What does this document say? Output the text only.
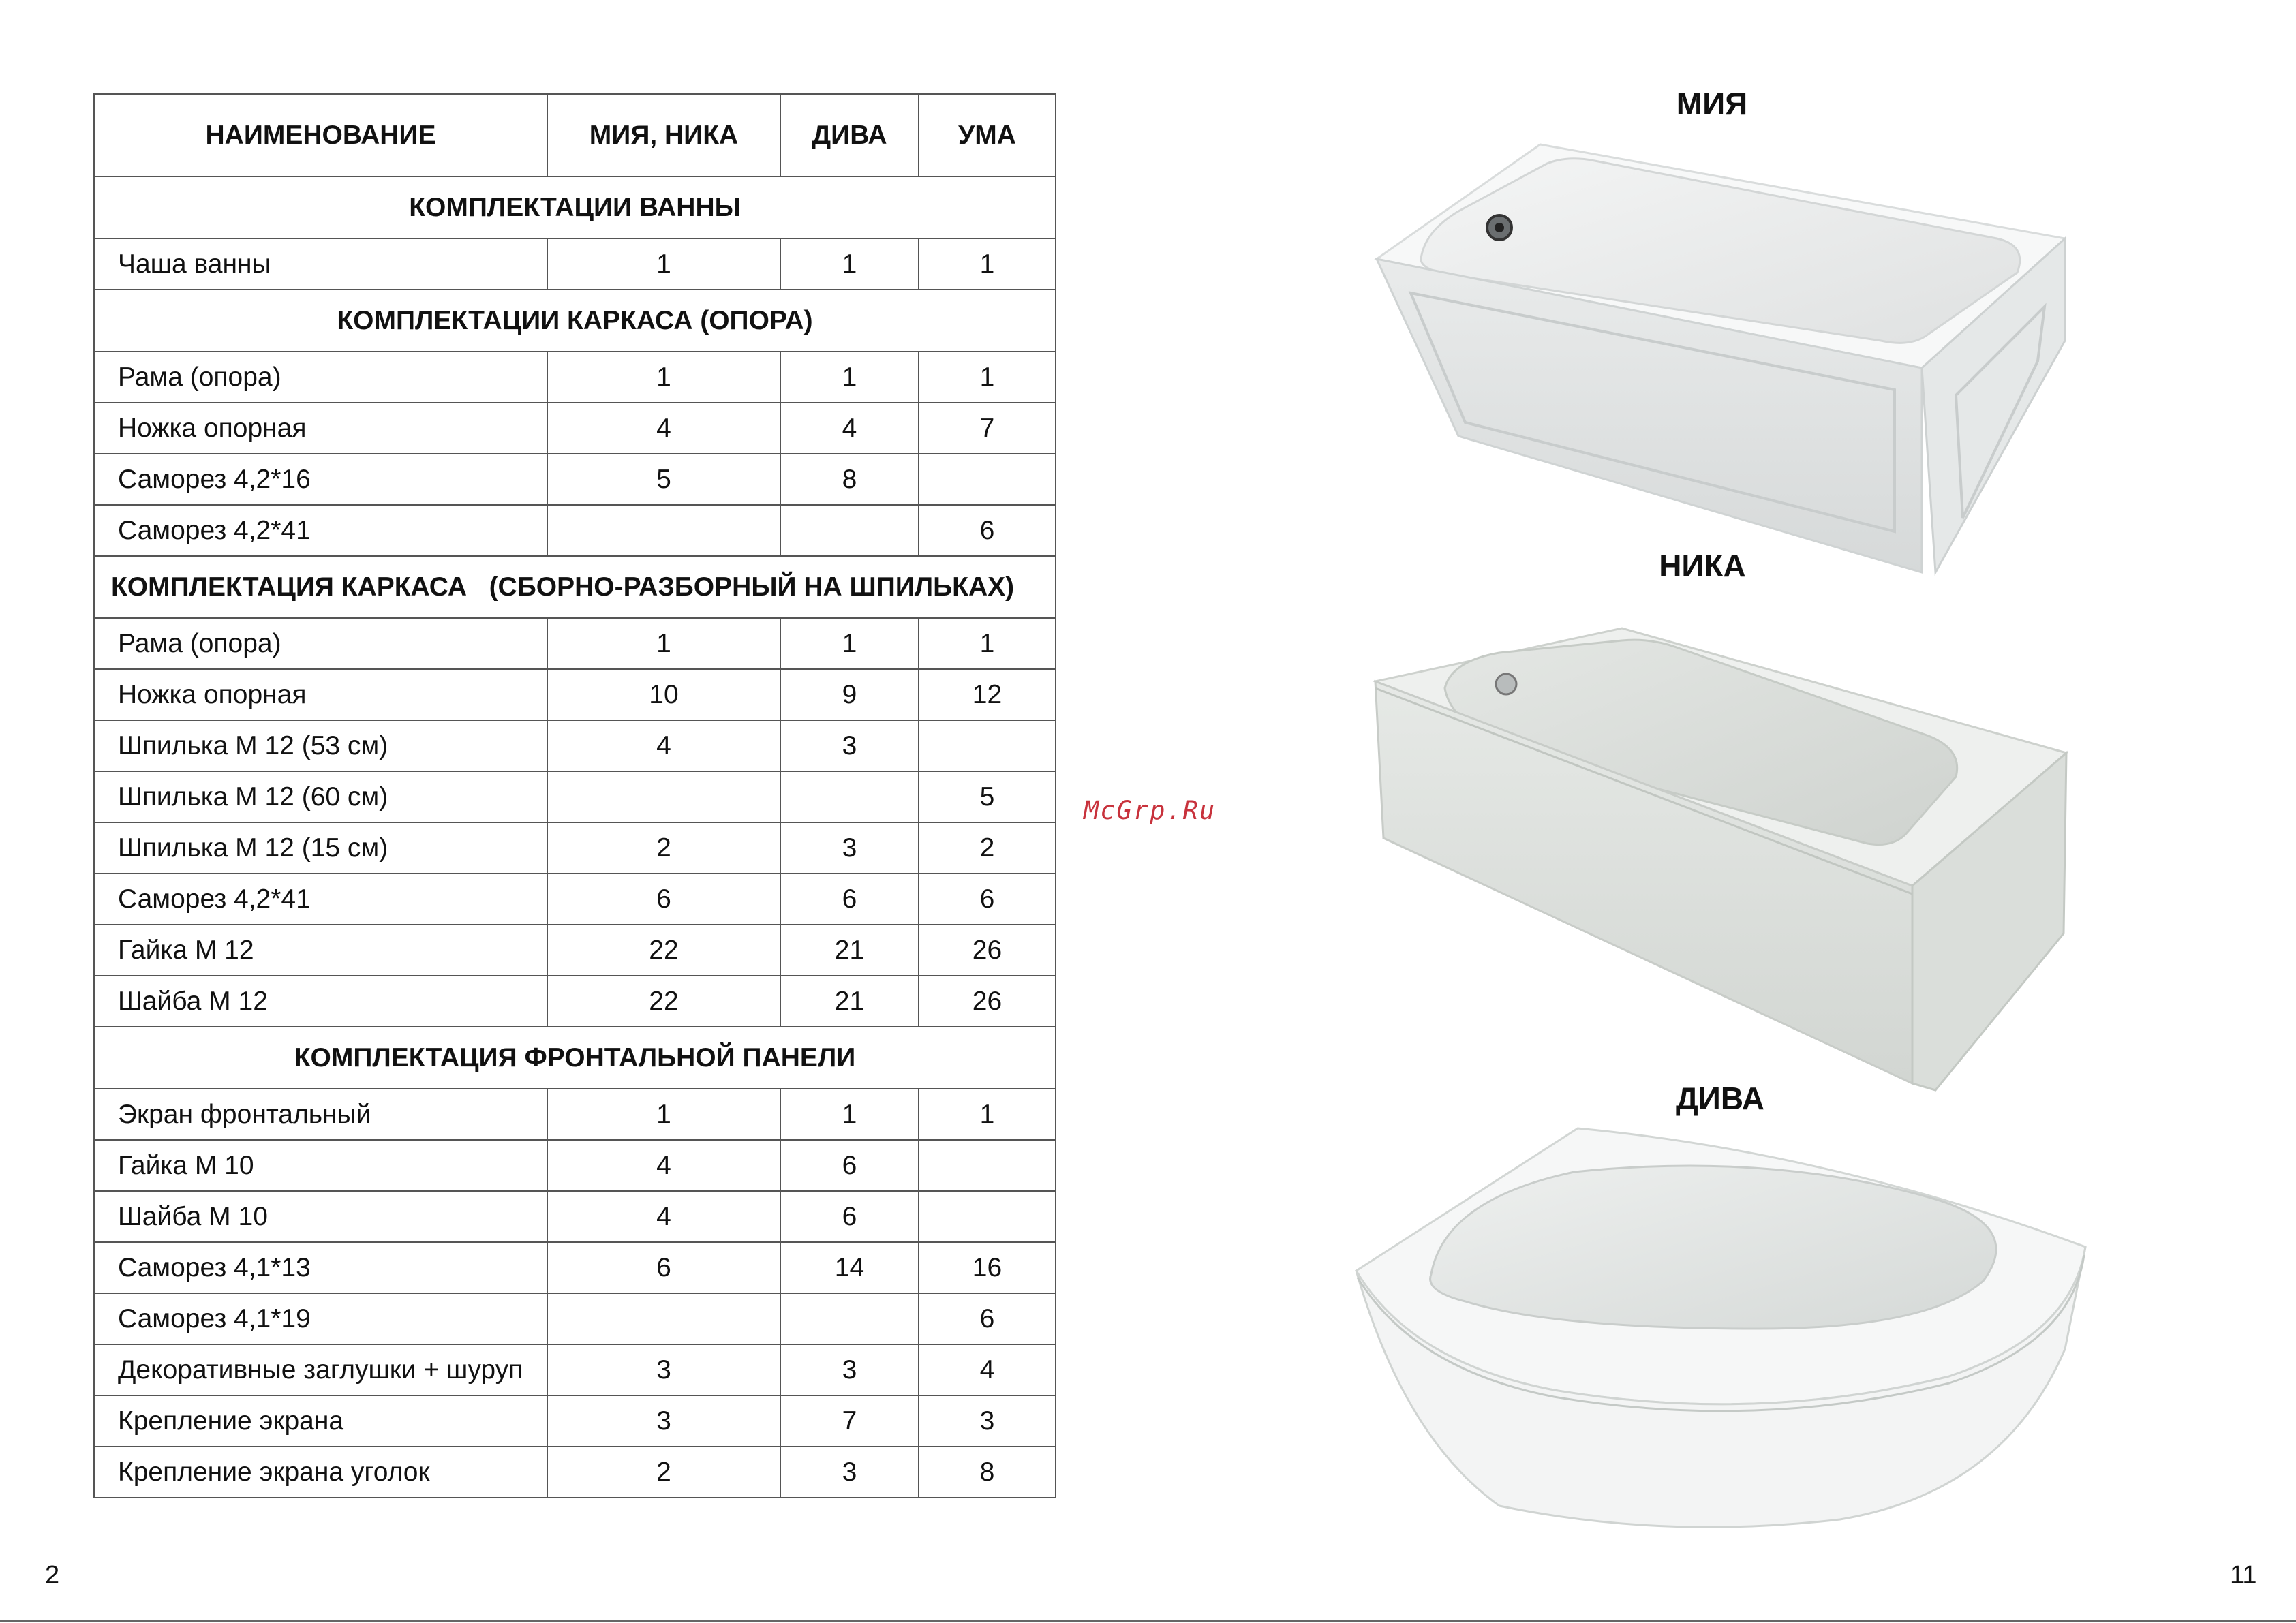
НАИМЕНОВАНИЕ	МИЯ, НИКА	ДИВА	УМА
КОМПЛЕКТАЦИИ ВАННЫ			
Чаша ванны	1	1	1
КОМПЛЕКТАЦИИ КАРКАСА (ОПОРА)			
Рама (опора)	1	1	1
Ножка опорная	4	4	7
Саморез 4,2*16	5	8	
Саморез 4,2*41			6
КОМПЛЕКТАЦИЯ КАРКАСА   (СБОРНО-РАЗБОРНЫЙ НА ШПИЛЬКАХ)			
Рама (опора)	1	1	1
Ножка опорная	10	9	12
Шпилька М 12 (53 см)	4	3	
Шпилька М 12 (60 см)			5
Шпилька М 12 (15 см)	2	3	2
Саморез 4,2*41	6	6	6
Гайка М 12	22	21	26
Шайба М 12	22	21	26
КОМПЛЕКТАЦИЯ ФРОНТАЛЬНОЙ ПАНЕЛИ			
Экран фронтальный	1	1	1
Гайка М 10	4	6	
Шайба М 10	4	6	
Саморез 4,1*13	6	14	16
Саморез 4,1*19			6
Декоративные заглушки + шуруп	3	3	4
Крепление экрана	3	7	3
Крепление экрана уголок	2	3	8
McGrp.Ru
МИЯ
НИКА
ДИВА
2	11
